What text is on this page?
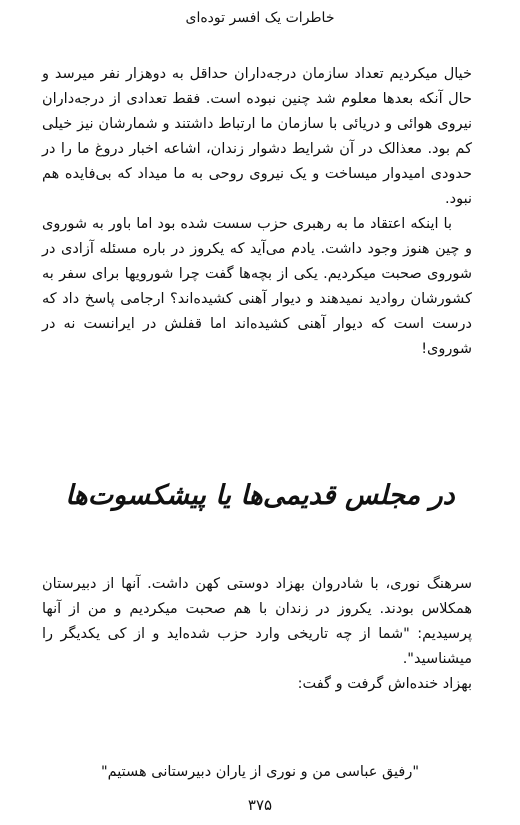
خاطرات یک افسر توده‌ای

خیال میکردیم تعداد سازمان درجه‌داران حداقل به دوهزار نفر میرسد و حال آنکه بعدها معلوم شد چنین نبوده است. فقط تعدادی از درجه‌داران نیروی هوائی و دریائی با سازمان ما ارتباط داشتند و شمارشان نیز خیلی کم بود. معذالک در آن شرایط دشوار زندان، اشاعه اخبار دروغ ما را در حدودی امیدوار میساخت و یک نیروی روحی به ما میداد که بی‌فایده هم نبود.

با اینکه اعتقاد ما به رهبری حزب سست شده بود اما باور به شوروی و چین هنوز وجود داشت. یادم می‌آید که یکروز در باره مسئله آزادی در شوروی صحبت میکردیم. یکی از بچه‌ها گفت چرا شورویها برای سفر به کشورشان روادید نمیدهند و دیوار آهنی کشیده‌اند؟ ارجامی پاسخ داد که درست است که دیوار آهنی کشیده‌اند اما قفلش در ایرانست نه در شوروی!

در مجلس قدیمی‌ها یا پیشکسوت‌ها

سرهنگ نوری، با شادروان بهزاد دوستی کهن داشت. آنها از دبیرستان همکلاس بودند. یکروز در زندان با هم صحبت میکردیم و من از آنها پرسیدیم: "شما از چه تاریخی وارد حزب شده‌اید و از کی یکدیگر را میشناسید".

بهزاد خنده‌اش گرفت و گفت:

"رفیق عباسی من و نوری از یاران دبیرستانی هستیم"
۳۷۵
